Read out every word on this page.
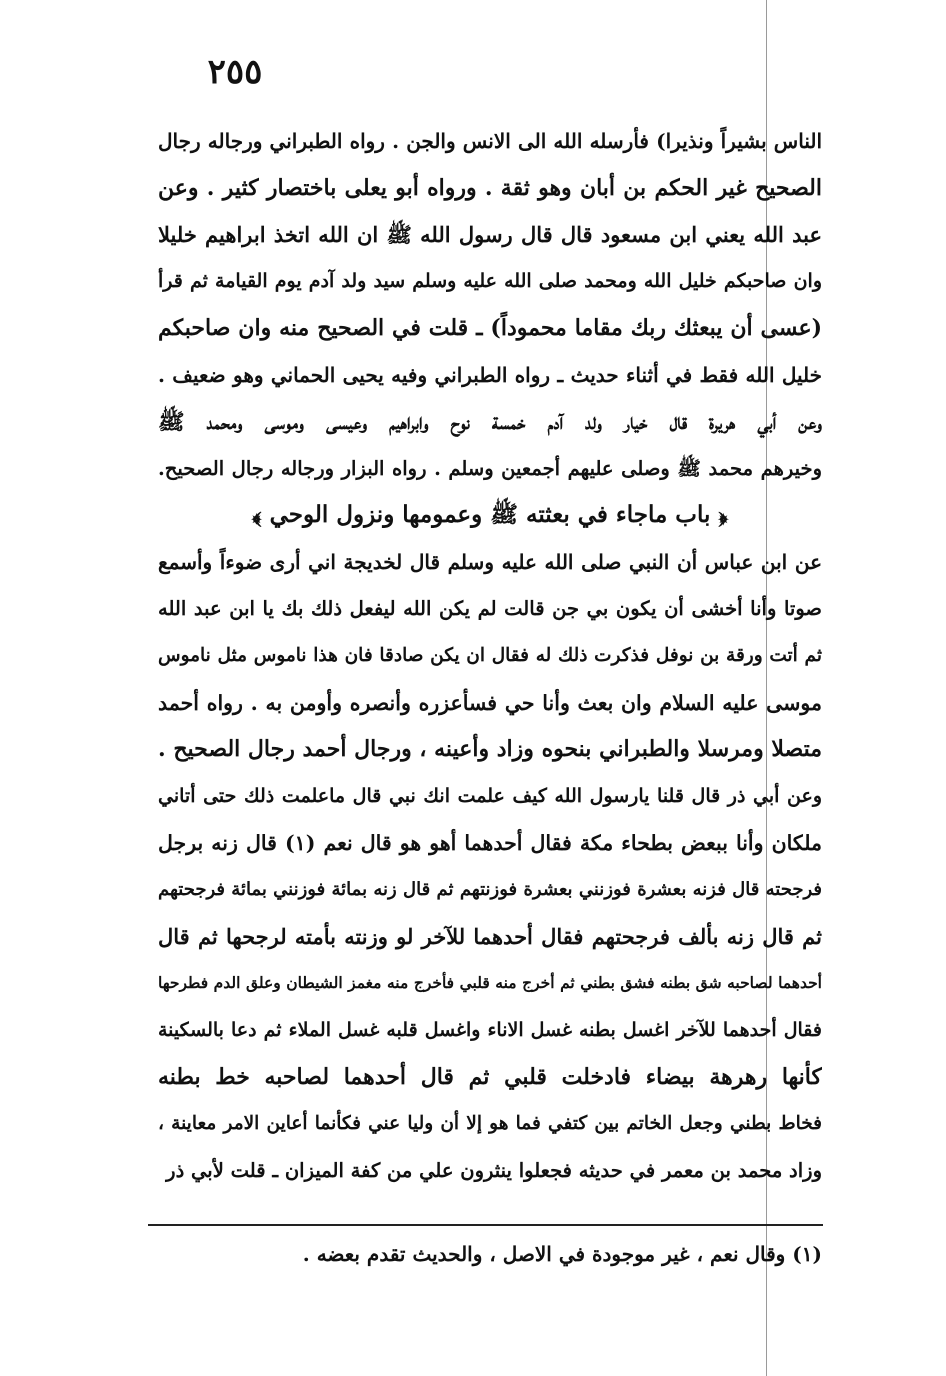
٢٥٥
الناس بشيراً ونذيرا) فأرسله الله الى الانس والجن . رواه الطبراني ورجاله رجال
الصحيح غير الحكم بن أبان وهو ثقة . ورواه أبو يعلى باختصار كثير . وعن
عبد الله يعني ابن مسعود قال قال رسول الله ﷺ ان الله اتخذ ابراهيم خليلا
وان صاحبكم خليل الله ومحمد صلى الله عليه وسلم سيد ولد آدم يوم القيامة ثم قرأ
(عسى أن يبعثك ربك مقاما محموداً) ـ قلت في الصحيح منه وان صاحبكم
خليل الله فقط في أثناء حديث ـ رواه الطبراني وفيه يحيى الحماني وهو ضعيف .
وعن أبي هريرة قال خيار ولد آدم خمسة نوح وابراهيم وعيسى وموسى ومحمد ﷺ
وخيرهم محمد ﷺ وصلى عليهم أجمعين وسلم . رواه البزار ورجاله رجال الصحيح.
﴿ باب ماجاء في بعثته ﷺ وعمومها ونزول الوحي ﴾
عن ابن عباس أن النبي صلى الله عليه وسلم قال لخديجة اني أرى ضوءاً وأسمع
صوتا وأنا أخشى أن يكون بي جن قالت لم يكن الله ليفعل ذلك بك يا ابن عبد الله
ثم أتت ورقة بن نوفل فذكرت ذلك له فقال ان يكن صادقا فان هذا ناموس مثل ناموس
موسى عليه السلام وان بعث وأنا حي فسأعزره وأنصره وأومن به . رواه أحمد
متصلا ومرسلا والطبراني بنحوه وزاد وأعينه ، ورجال أحمد رجال الصحيح .
وعن أبي ذر قال قلنا يارسول الله كيف علمت انك نبي قال ماعلمت ذلك حتى أتاني
ملكان وأنا ببعض بطحاء مكة فقال أحدهما أهو هو قال نعم (١) قال زنه برجل
فرجحته قال فزنه بعشرة فوزنني بعشرة فوزنتهم ثم قال زنه بمائة فوزنني بمائة فرجحتهم
ثم قال زنه بألف فرجحتهم فقال أحدهما للآخر لو وزنته بأمته لرجحها ثم قال
أحدهما لصاحبه شق بطنه فشق بطني ثم أخرج منه قلبي فأخرج منه مغمز الشيطان وعلق الدم فطرحها
فقال أحدهما للآخر اغسل بطنه غسل الاناء واغسل قلبه غسل الملاء ثم دعا بالسكينة
كأنها رهرهة بيضاء فادخلت قلبي ثم قال أحدهما لصاحبه خط بطنه
فخاط بطني وجعل الخاتم بين كتفي فما هو إلا أن وليا عني فكأنما أعاين الامر معاينة ،
وزاد محمد بن معمر في حديثه فجعلوا ينثرون علي من كفة الميزان ـ قلت لأبي ذر
(١) وقال نعم ، غير موجودة في الاصل ، والحديث تقدم بعضه .
